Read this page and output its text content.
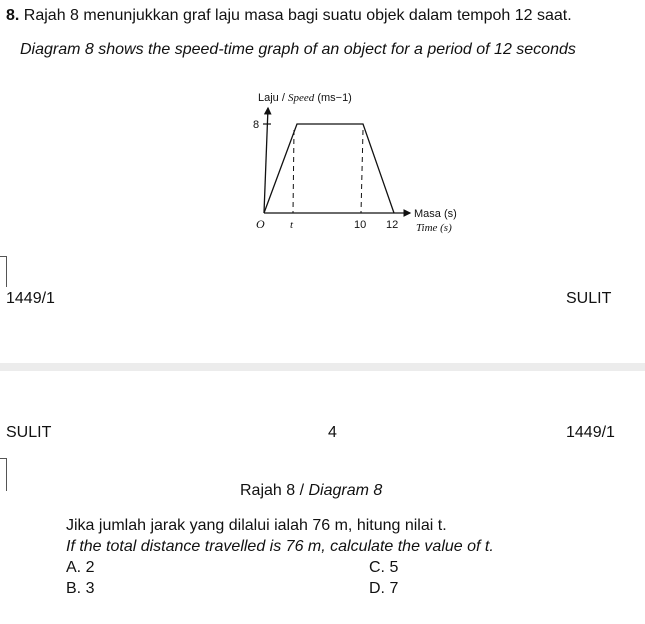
8. Rajah 8 menunjukkan graf laju masa bagi suatu objek dalam tempoh 12 saat.
Diagram 8 shows the speed-time graph of an object for a period of 12 seconds
Laju / Speed (ms−1)
8
O t	10 12
Masa (s)
Time (s)
1449/1	SULIT
SULIT	4	1449/1
Rajah 8 / Diagram 8
Jika jumlah jarak yang dilalui ialah 76 m, hitung nilai t.
If the total distance travelled is 76 m, calculate the value of t.
A. 2	C. 5
B. 3	D. 7
